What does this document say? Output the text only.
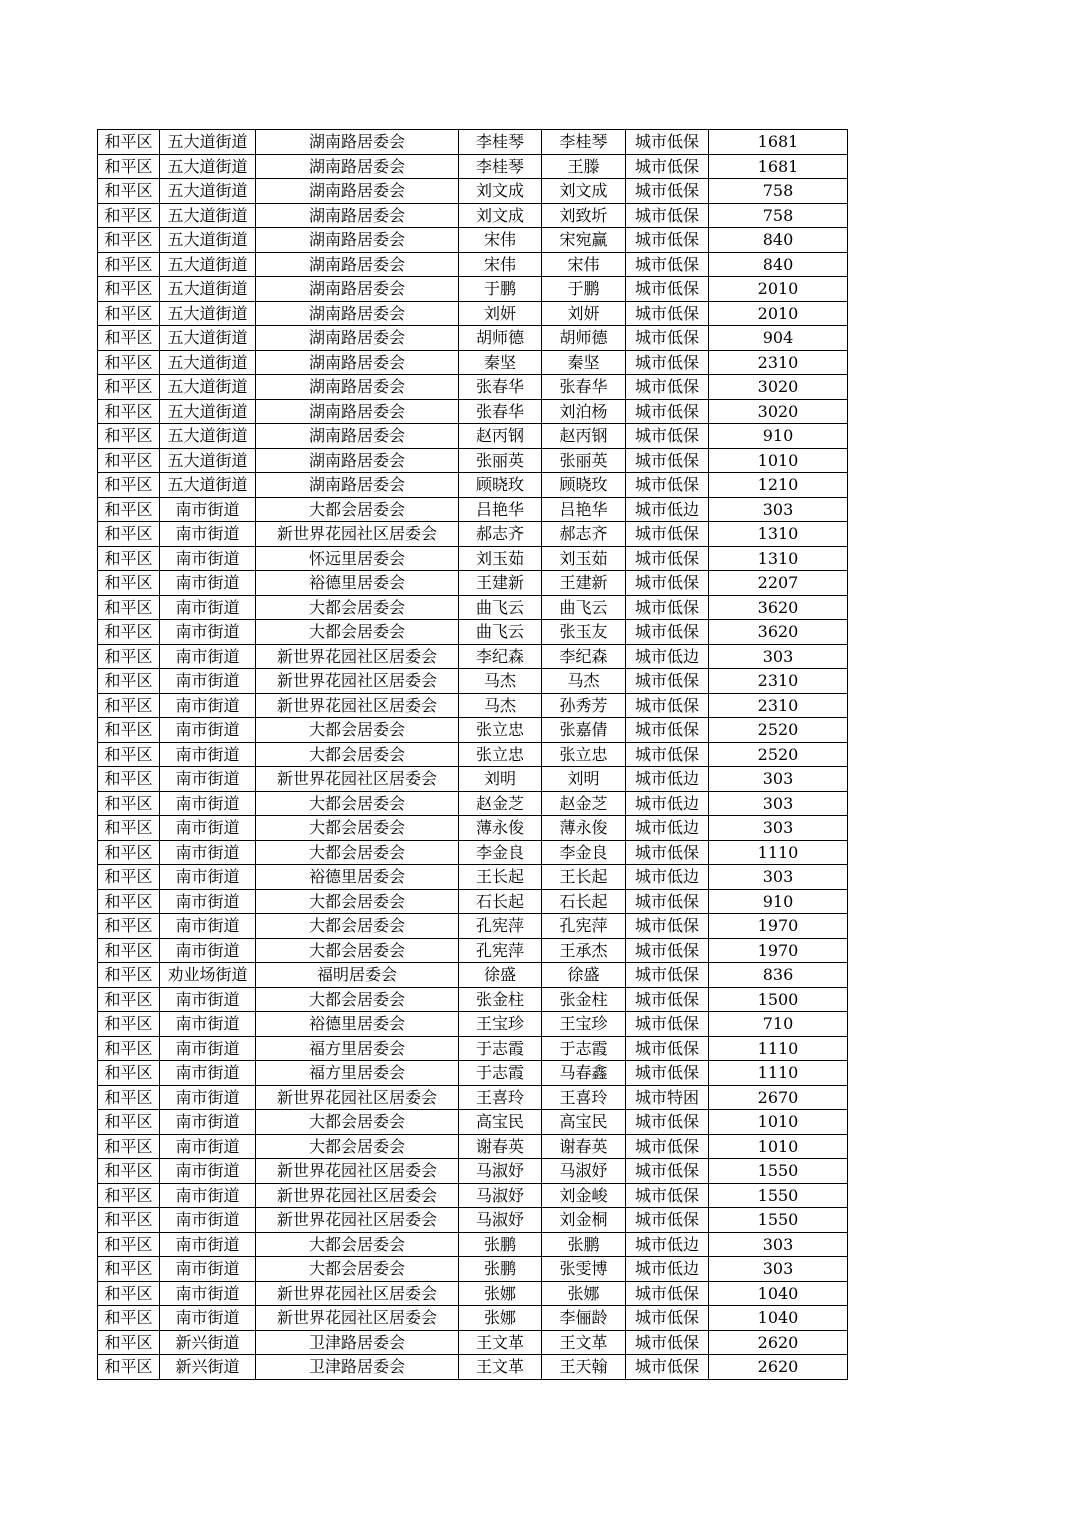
和平区	五大道街道	湖南路居委会	李桂琴	李桂琴	城市低保	1681
和平区	五大道街道	湖南路居委会	李桂琴	王滕	城市低保	1681
和平区	五大道街道	湖南路居委会	刘文成	刘文成	城市低保	758
和平区	五大道街道	湖南路居委会	刘文成	刘致圻	城市低保	758
和平区	五大道街道	湖南路居委会	宋伟	宋宛赢	城市低保	840
和平区	五大道街道	湖南路居委会	宋伟	宋伟	城市低保	840
和平区	五大道街道	湖南路居委会	于鹏	于鹏	城市低保	2010
和平区	五大道街道	湖南路居委会	刘妍	刘妍	城市低保	2010
和平区	五大道街道	湖南路居委会	胡师德	胡师德	城市低保	904
和平区	五大道街道	湖南路居委会	秦坚	秦坚	城市低保	2310
和平区	五大道街道	湖南路居委会	张春华	张春华	城市低保	3020
和平区	五大道街道	湖南路居委会	张春华	刘泊杨	城市低保	3020
和平区	五大道街道	湖南路居委会	赵丙钢	赵丙钢	城市低保	910
和平区	五大道街道	湖南路居委会	张丽英	张丽英	城市低保	1010
和平区	五大道街道	湖南路居委会	顾晓玫	顾晓玫	城市低保	1210
和平区	南市街道	大都会居委会	吕艳华	吕艳华	城市低边	303
和平区	南市街道	新世界花园社区居委会	郝志齐	郝志齐	城市低保	1310
和平区	南市街道	怀远里居委会	刘玉茹	刘玉茹	城市低保	1310
和平区	南市街道	裕德里居委会	王建新	王建新	城市低保	2207
和平区	南市街道	大都会居委会	曲飞云	曲飞云	城市低保	3620
和平区	南市街道	大都会居委会	曲飞云	张玉友	城市低保	3620
和平区	南市街道	新世界花园社区居委会	李纪森	李纪森	城市低边	303
和平区	南市街道	新世界花园社区居委会	马杰	马杰	城市低保	2310
和平区	南市街道	新世界花园社区居委会	马杰	孙秀芳	城市低保	2310
和平区	南市街道	大都会居委会	张立忠	张嘉倩	城市低保	2520
和平区	南市街道	大都会居委会	张立忠	张立忠	城市低保	2520
和平区	南市街道	新世界花园社区居委会	刘明	刘明	城市低边	303
和平区	南市街道	大都会居委会	赵金芝	赵金芝	城市低边	303
和平区	南市街道	大都会居委会	薄永俊	薄永俊	城市低边	303
和平区	南市街道	大都会居委会	李金良	李金良	城市低保	1110
和平区	南市街道	裕德里居委会	王长起	王长起	城市低边	303
和平区	南市街道	大都会居委会	石长起	石长起	城市低保	910
和平区	南市街道	大都会居委会	孔宪萍	孔宪萍	城市低保	1970
和平区	南市街道	大都会居委会	孔宪萍	王承杰	城市低保	1970
和平区	劝业场街道	福明居委会	徐盛	徐盛	城市低保	836
和平区	南市街道	大都会居委会	张金柱	张金柱	城市低保	1500
和平区	南市街道	裕德里居委会	王宝珍	王宝珍	城市低保	710
和平区	南市街道	福方里居委会	于志霞	于志霞	城市低保	1110
和平区	南市街道	福方里居委会	于志霞	马春鑫	城市低保	1110
和平区	南市街道	新世界花园社区居委会	王喜玲	王喜玲	城市特困	2670
和平区	南市街道	大都会居委会	高宝民	高宝民	城市低保	1010
和平区	南市街道	大都会居委会	谢春英	谢春英	城市低保	1010
和平区	南市街道	新世界花园社区居委会	马淑妤	马淑妤	城市低保	1550
和平区	南市街道	新世界花园社区居委会	马淑妤	刘金峻	城市低保	1550
和平区	南市街道	新世界花园社区居委会	马淑妤	刘金桐	城市低保	1550
和平区	南市街道	大都会居委会	张鹏	张鹏	城市低边	303
和平区	南市街道	大都会居委会	张鹏	张雯博	城市低边	303
和平区	南市街道	新世界花园社区居委会	张娜	张娜	城市低保	1040
和平区	南市街道	新世界花园社区居委会	张娜	李俪龄	城市低保	1040
和平区	新兴街道	卫津路居委会	王文革	王文革	城市低保	2620
和平区	新兴街道	卫津路居委会	王文革	王天翰	城市低保	2620
